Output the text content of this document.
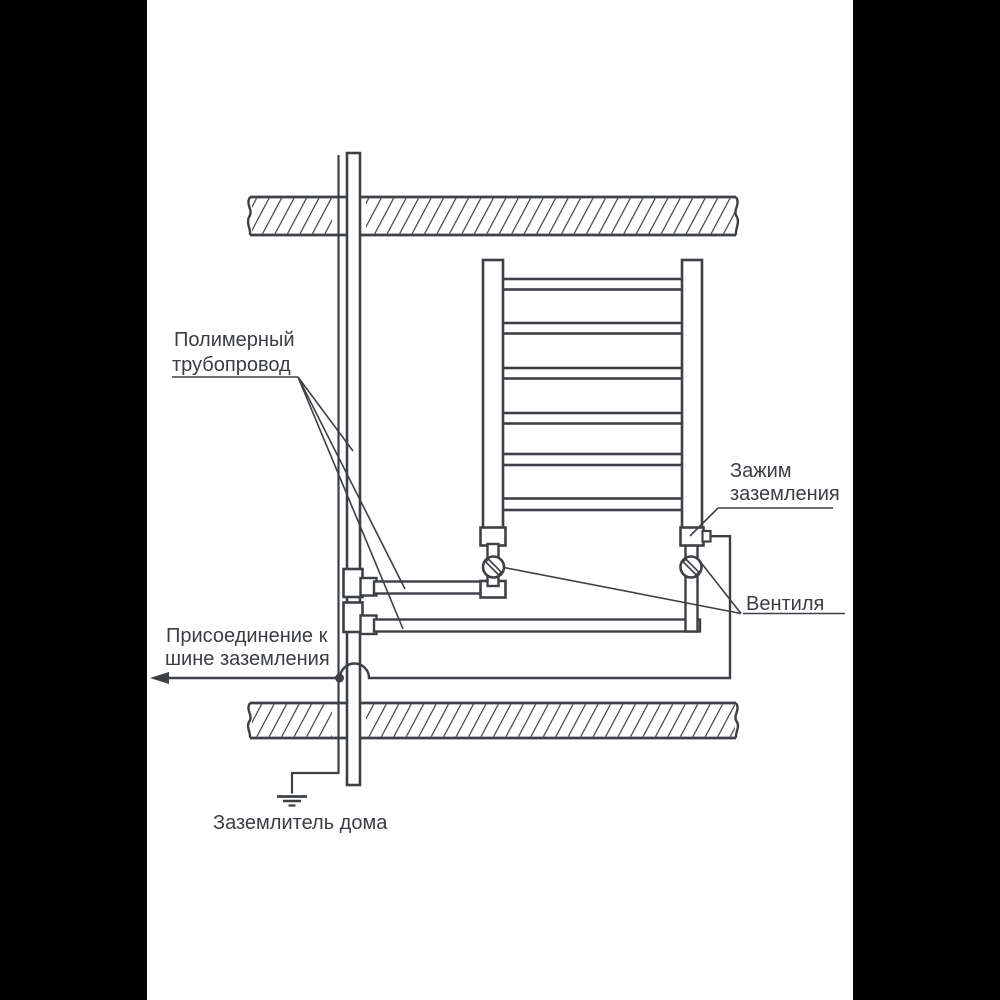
Полимерный
трубопровод
Зажим
заземления
Вентиля
Присоединение к
шине заземления
Заземлитель дома
